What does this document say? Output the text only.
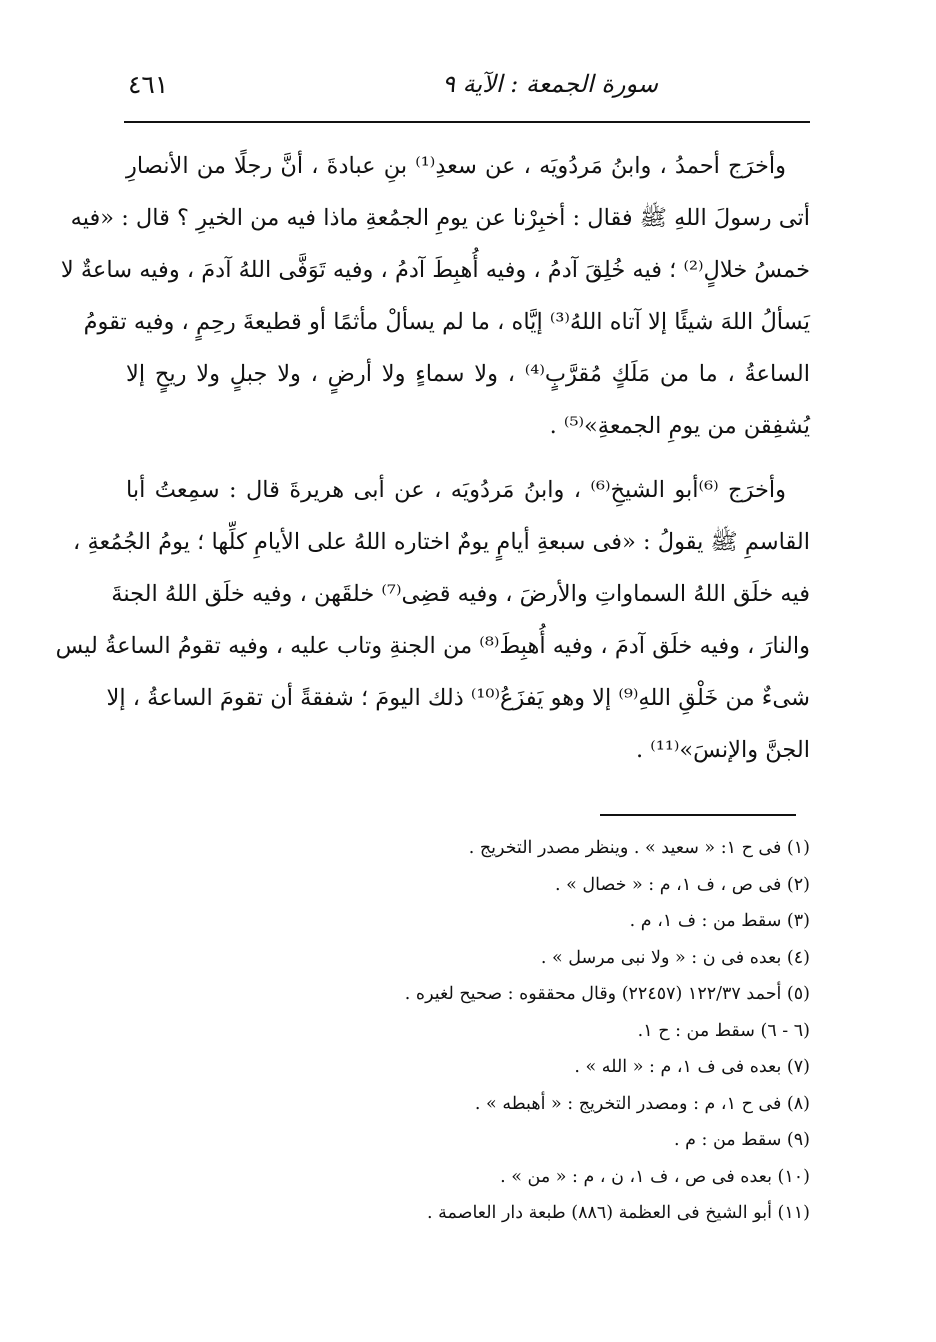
سورة الجمعة : الآية ٩
٤٦١
وأخرَج أحمدُ ، وابنُ مَردُويَه ، عن سعدِ⁽¹⁾ بنِ عبادةَ ، أنَّ رجلًا من الأنصارِ
أتى رسولَ اللهِ ﷺ فقال : أخبِرْنا عن يومِ الجمُعةِ ماذا فيه من الخيرِ ؟ قال : «فيه
خمسُ خلالٍ⁽²⁾ ؛ فيه خُلِقَ آدمُ ، وفيه أُهبِطَ آدمُ ، وفيه تَوَفَّى اللهُ آدمَ ، وفيه ساعةٌ لا
يَسألُ اللهَ شيئًا إلا آتاه اللهُ⁽³⁾ إيَّاه ، ما لم يسألْ مأثمًا أو قطيعةَ رحِمٍ ، وفيه تقومُ
الساعةُ ، ما من مَلَكٍ مُقرَّبٍ⁽⁴⁾ ، ولا سماءٍ ولا أرضٍ ، ولا جبلٍ ولا ريحٍ إلا
يُشفِقن من يومِ الجمعةِ»⁽⁵⁾ .
وأخرَج ⁽⁶⁾أبو الشيخِ⁽⁶⁾ ، وابنُ مَردُويَه ، عن أبى هريرةَ قال : سمِعتُ أبا
القاسمِ ﷺ يقولُ : «فى سبعةِ أيامٍ يومٌ اختاره اللهُ على الأيامِ كلِّها ؛ يومُ الجُمُعةِ ،
فيه خلَق اللهُ السماواتِ والأرضَ ، وفيه قضِى⁽⁷⁾ خلقَهن ، وفيه خلَق اللهُ الجنةَ
والنارَ ، وفيه خلَق آدمَ ، وفيه أُهبِطَ⁽⁸⁾ من الجنةِ وتاب عليه ، وفيه تقومُ الساعةُ ليس
شىءٌ من خَلْقِ اللهِ⁽⁹⁾ إلا وهو يَفزَعُ⁽¹⁰⁾ ذلك اليومَ ؛ شفقةً أن تقومَ الساعةُ ، إلا
الجنَّ والإنسَ»⁽¹¹⁾ .
(١) فى ح ١: « سعيد » . وينظر مصدر التخريج .
(٢) فى ص ، ف ١، م : « خصال » .
(٣) سقط من : ف ١، م .
(٤) بعده فى ن : « ولا نبى مرسل » .
(٥) أحمد ١٢٢/٣٧ (٢٢٤٥٧) وقال محققوه : صحيح لغيره .
(٦ - ٦) سقط من : ح ١.
(٧) بعده فى ف ١، م : « الله » .
(٨) فى ح ١، م : ومصدر التخريج : « أهبطه » .
(٩) سقط من : م .
(١٠) بعده فى ص ، ف ١، ن ، م : « من » .
(١١) أبو الشيخ فى العظمة (٨٨٦) طبعة دار العاصمة .
